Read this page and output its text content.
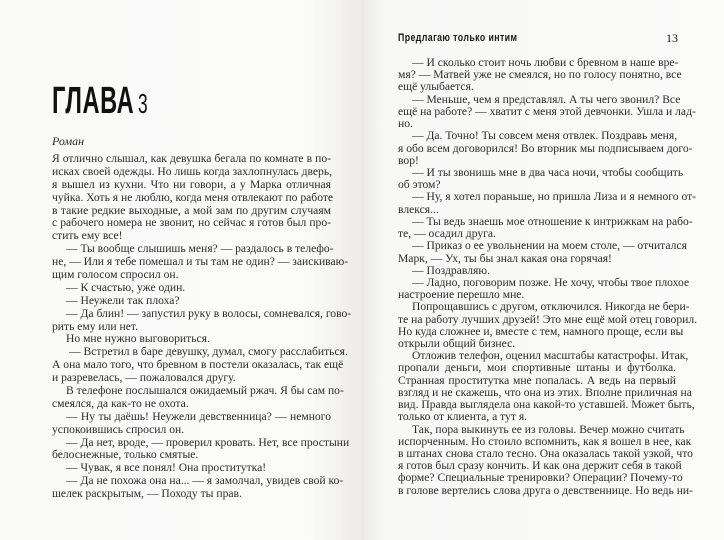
ГЛАВА 3
Роман
Я отлично слышал, как девушка бегала по комнате в по-
исках своей одежды. Но лишь когда захлопнулась дверь,
я вышел из кухни. Что ни говори, а у Марка отличная
чуйка. Хоть я не люблю, когда меня отвлекают по работе
в такие редкие выходные, а мой зам по другим случаям
с рабочего номера не звонит, но сейчас я готов был про-
стить ему все!
— Ты вообще слышишь меня? — раздалось в телефо-
не, — Или я тебе помешал и ты там не один? — заискиваю-
щим голосом спросил он.
— К счастью, уже один.
— Неужели так плоха?
— Да блин! — запустил руку в волосы, сомневался, гово-
рить ему или нет.
Но мне нужно выговориться.
— Встретил в баре девушку, думал, смогу расслабиться.
А она мало того, что бревном в постели оказалась, так ещё
и разревелась, — пожаловался другу.
В телефоне послышался ожидаемый ржач. Я бы сам по-
смеялся, да как-то не охота.
— Ну ты даёшь! Неужели девственница? — немного
успокоившись спросил он.
— Да нет, вроде, — проверил кровать. Нет, все простыни
белоснежные, только смятые.
— Чувак, я все понял! Она проститутка!
— Да не похожа она на... — я замолчал, увидев свой ко-
шелек раскрытым, — Походу ты прав.
Предлагаю только интим	13
— И сколько стоит ночь любви с бревном в наше вре-
мя? — Матвей уже не смеялся, но по голосу понятно, все
ещё улыбается.
— Меньше, чем я представлял. А ты чего звонил? Все
ещё на работе? — хватит с меня этой девчонки. Ушла и лад-
но.
— Да. Точно! Ты совсем меня отвлек. Поздравь меня,
я обо всем договорился! Во вторник мы подписываем дого-
вор!
— И ты звонишь мне в два часа ночи, чтобы сообщить
об этом?
— Ну, я хотел пораньше, но пришла Лиза и я немного от-
влекся...
— Ты ведь знаешь мое отношение к интрижкам на рабо-
те, — осадил друга.
— Приказ о ее увольнении на моем столе, — отчитался
Марк, — Ух, ты бы знал какая она горячая!
— Поздравляю.
— Ладно, поговорим позже. Не хочу, чтобы твое плохое
настроение перешло мне.
Попрощавшись с другом, отключился. Никогда не бери-
те на работу лучших друзей! Это мне ещё мой отец говорил.
Но куда сложнее и, вместе с тем, намного проще, если вы
открыли общий бизнес.
Отложив телефон, оценил масштабы катастрофы. Итак,
пропали деньги, мои спортивные штаны и футболка.
Странная проститутка мне попалась. А ведь на первый
взгляд и не скажешь, что она из этих. Вполне приличная на
вид. Правда выглядела она какой-то уставшей. Может быть,
только от клиента, а тут я.
Так, пора выкинуть ее из головы. Вечер можно считать
испорченным. Но стоило вспомнить, как я вошел в нее, как
в штанах снова стало тесно. Она оказалась такой узкой, что
я готов был сразу кончить. И как она держит себя в такой
форме? Специальные тренировки? Операции? Почему-то
в голове вертелись слова друга о девственнице. Но ведь ни-
